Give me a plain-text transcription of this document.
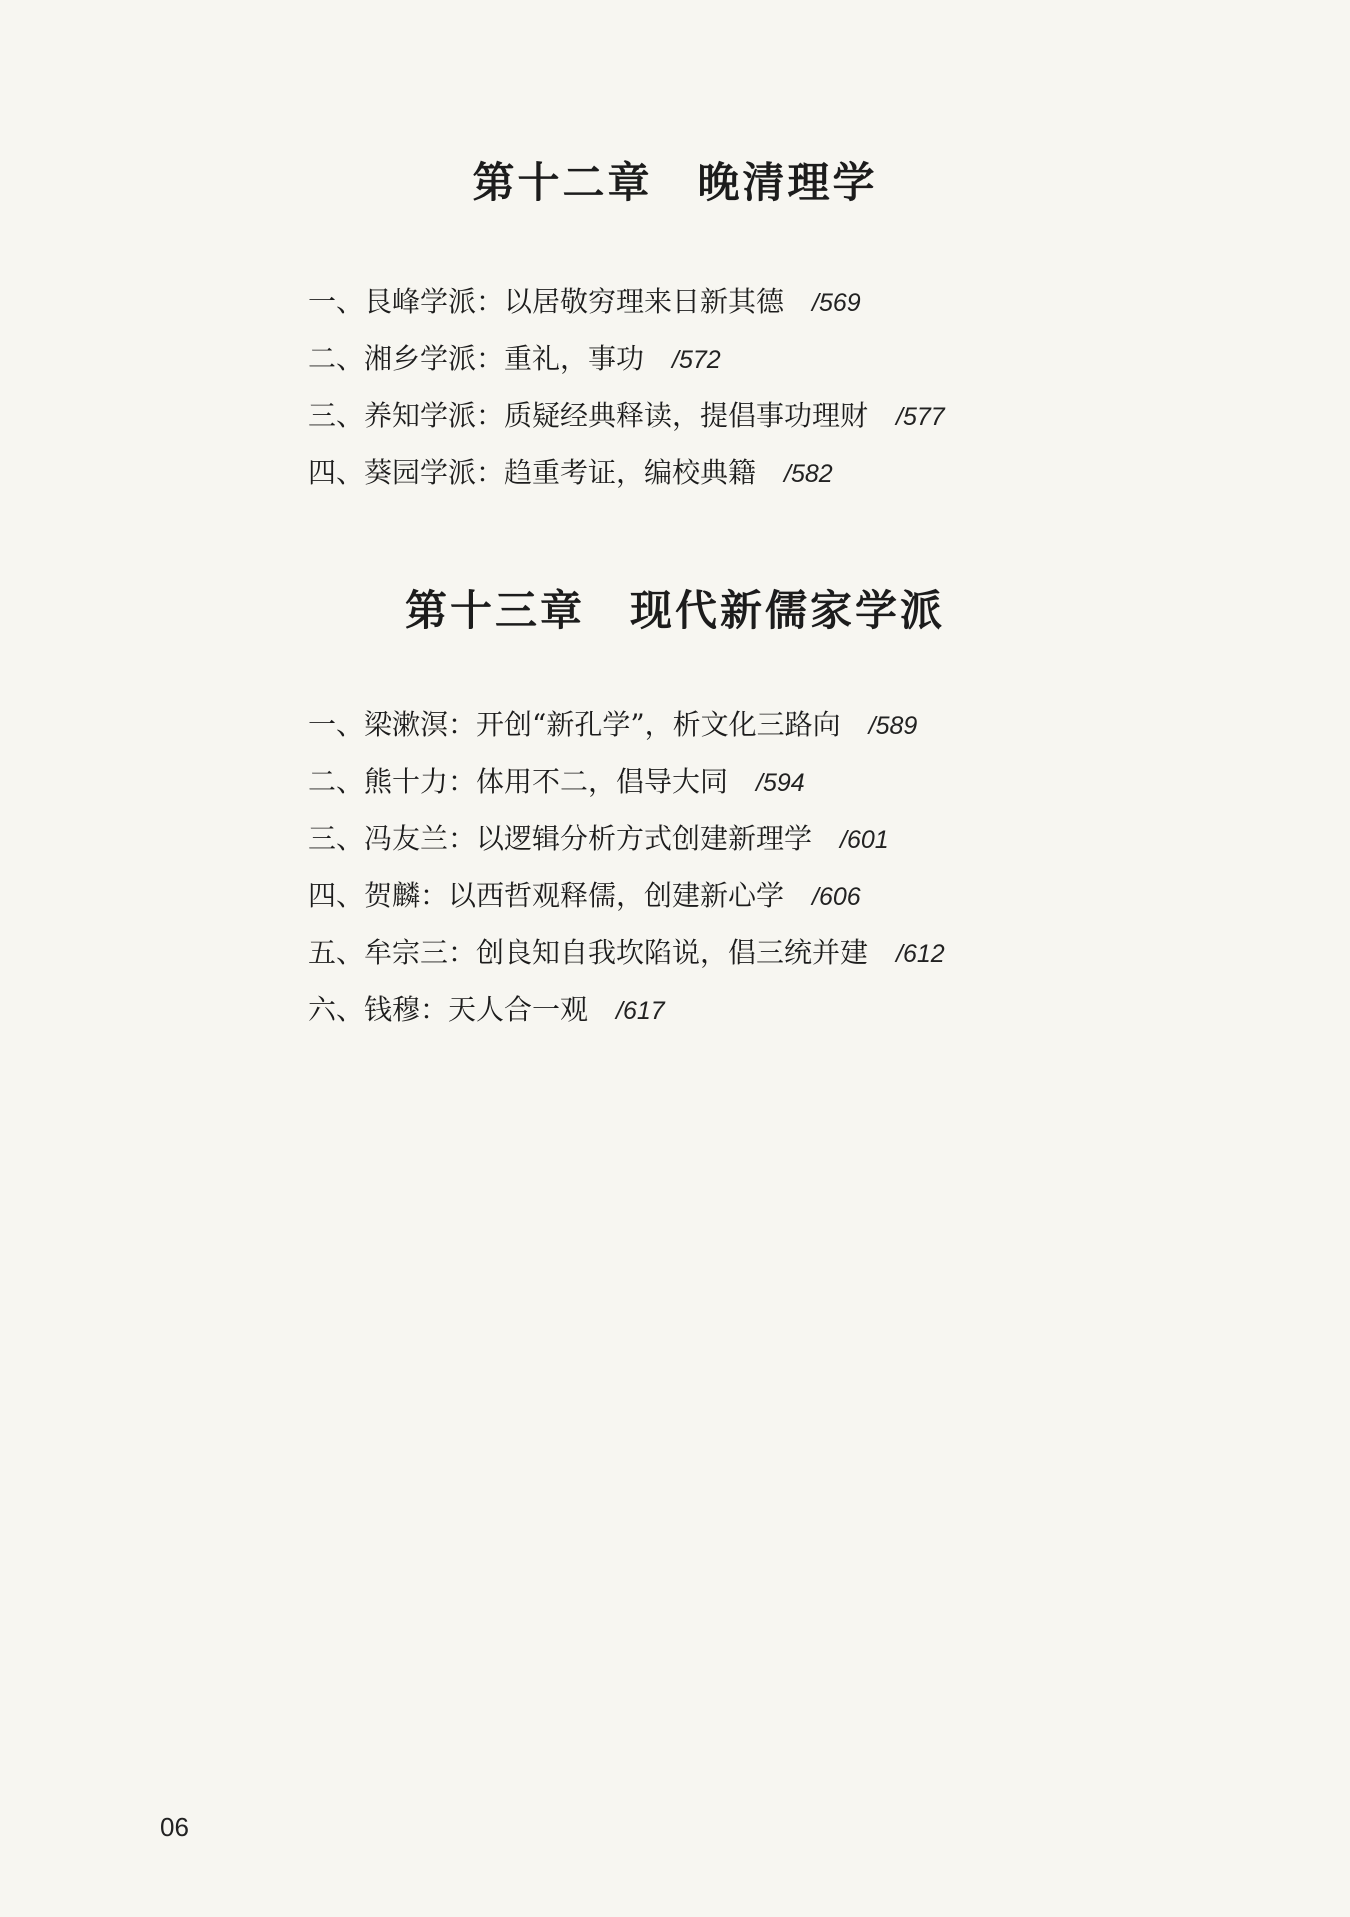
第十二章　晚清理学
一、 艮峰学派：以居敬穷理来日新其德 /569
二、 湘乡学派：重礼，事功 /572
三、 养知学派：质疑经典释读，提倡事功理财 /577
四、 葵园学派：趋重考证，编校典籍 /582
第十三章　现代新儒家学派
一、 梁漱溟：开创“新孔学”，析文化三路向 /589
二、 熊十力：体用不二，倡导大同 /594
三、 冯友兰：以逻辑分析方式创建新理学 /601
四、 贺麟：以西哲观释儒，创建新心学 /606
五、 牟宗三：创良知自我坎陷说，倡三统并建 /612
六、 钱穆：天人合一观 /617
06
